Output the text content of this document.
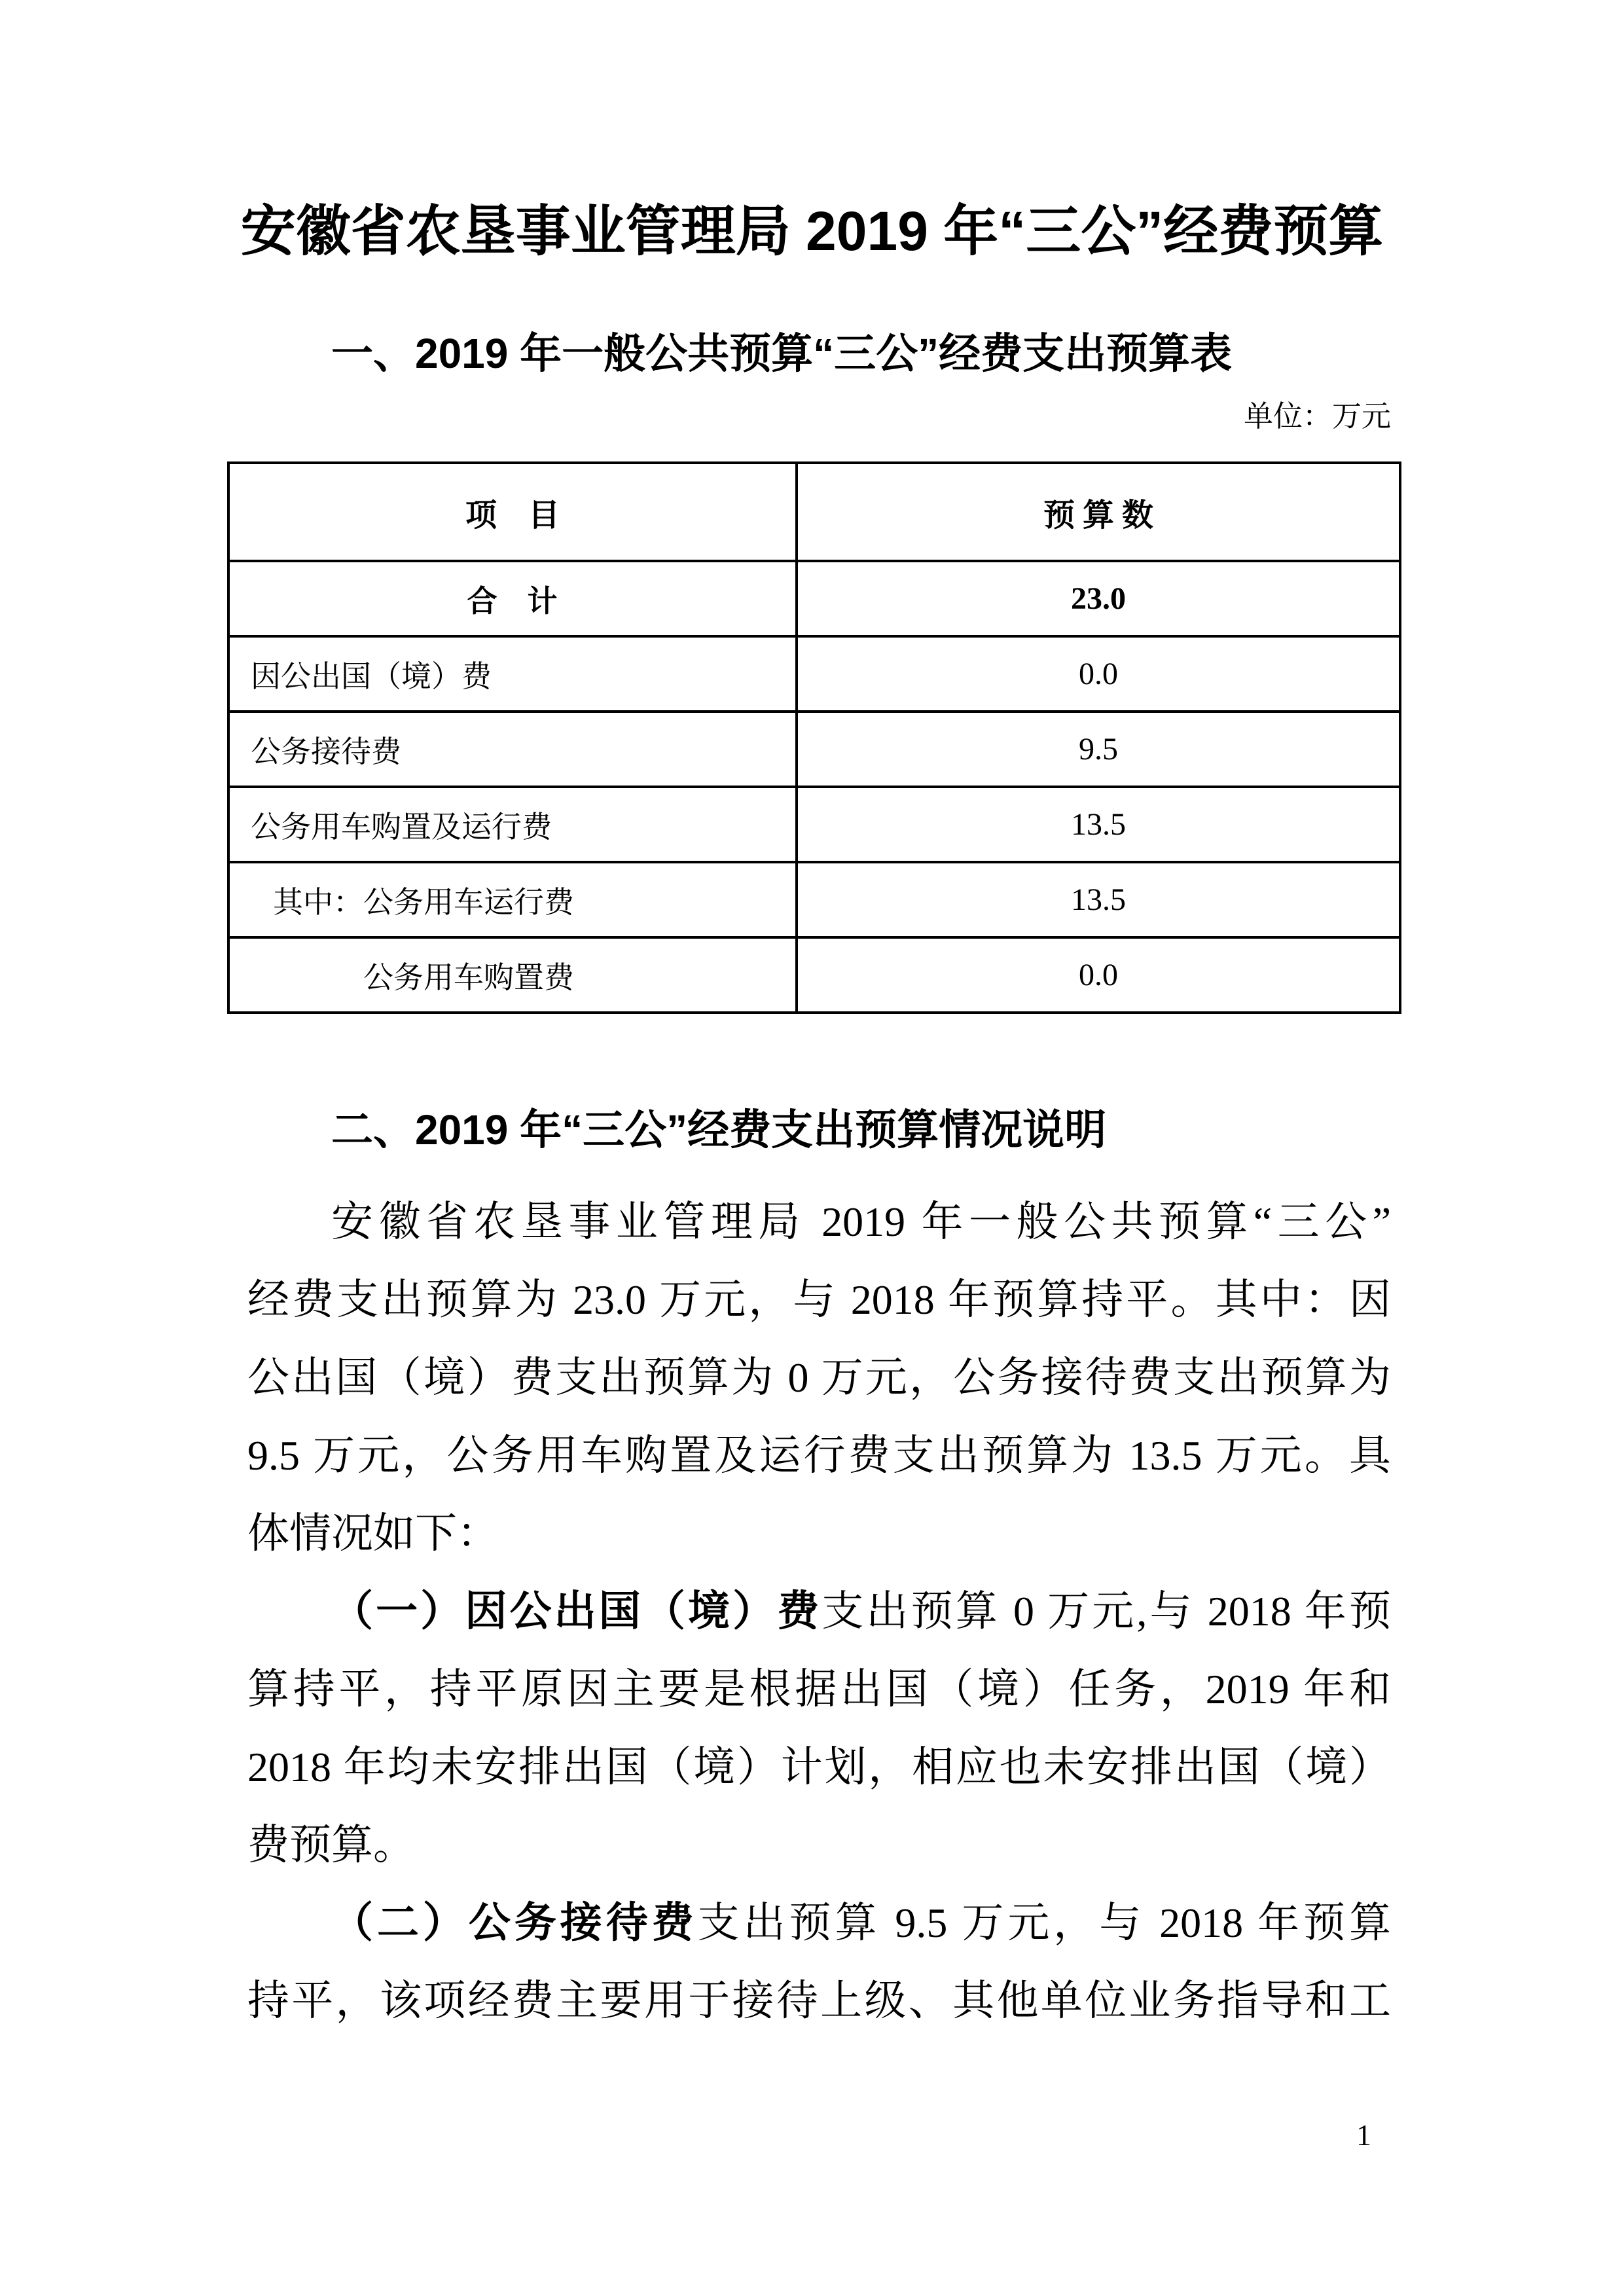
安徽省农垦事业管理局 2019 年“三公”经费预算
一、2019 年一般公共预算“三公”经费支出预算表
单位：万元
项　目	预 算 数
合　计	23.0
因公出国（境）费	0.0
公务接待费	9.5
公务用车购置及运行费	13.5
其中：公务用车运行费	13.5
公务用车购置费	0.0
二、2019 年“三公”经费支出预算情况说明
安徽省农垦事业管理局 2019 年一般公共预算“三公”
经费支出预算为 23.0 万元，与 2018 年预算持平。其中：因
公出国（境）费支出预算为 0 万元，公务接待费支出预算为
9.5 万元，公务用车购置及运行费支出预算为 13.5 万元。具
体情况如下：
（一）因公出国（境）费支出预算 0 万元,与 2018 年预
算持平，持平原因主要是根据出国（境）任务，2019 年和
2018 年均未安排出国（境）计划，相应也未安排出国（境）
费预算。
（二）公务接待费支出预算 9.5 万元，与 2018 年预算
持平，该项经费主要用于接待上级、其他单位业务指导和工
1
